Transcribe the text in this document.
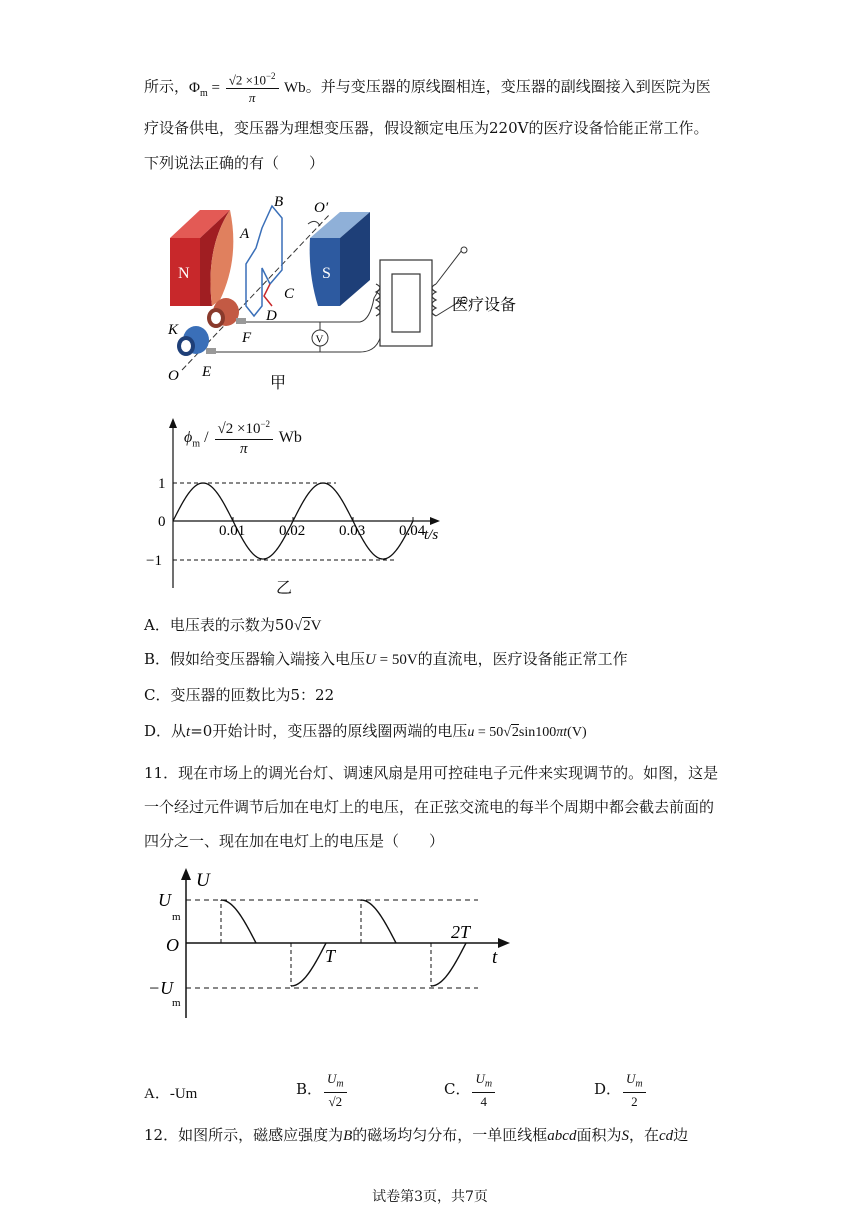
所示，$\Phi_m = \frac{√2 \times 10^{-2}}{\pi}$ Wb。并与变压器的原线圈相连，变压器的副线圈接入到医院为医
疗设备供电，变压器为理想变压器，假设额定电压为220V的医疗设备恰能正常工作。
下列说法正确的有（　　）
N	S
V
医疗设备
B O′
A
C
D
K	F
O E
甲
$\phi_m / \frac{√2 \times 10^{-2}}{\pi}$ Wb
0.01 0.02 0.03 0.04
1
0
−1
t/s
乙
A．电压表的示数为50√2V
B．假如给变压器输入端接入电压U = 50V的直流电，医疗设备能正常工作
C．变压器的匝数比为5：22
D．从t=0开始计时，变压器的原线圈两端的电压u = 50√2sin100πt(V)
11．现在市场上的调光台灯、调速风扇是用可控硅电子元件来实现调节的。如图，这是
一个经过元件调节后加在电灯上的电压，在正弦交流电的每半个周期中都会截去前面的
四分之一、现在加在电灯上的电压是（　　）
U
t
O
U
m
−U
m
T
2T
A．-Um	B． $\frac{U_m}{√2}$	C． $\frac{U_m}{4}$	D． $\frac{U_m}{2}$
12．如图所示，磁感应强度为B的磁场均匀分布，一单匝线框abcd面积为S，在cd边
试卷第3页，共7页
